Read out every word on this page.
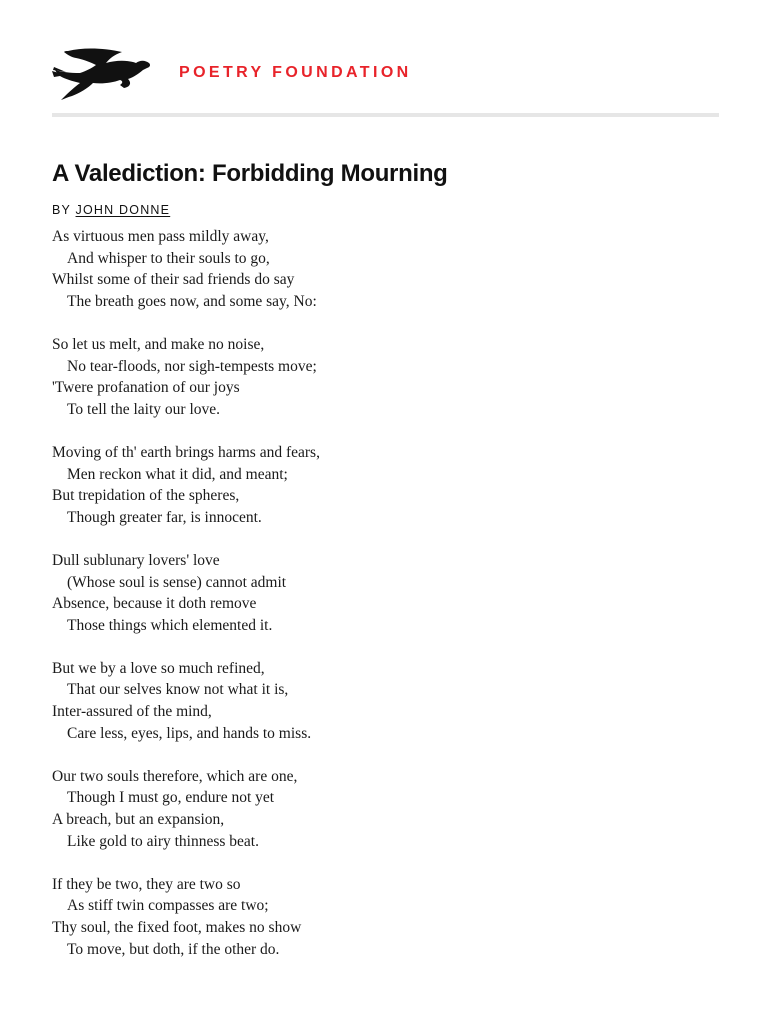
POETRY FOUNDATION
A Valediction: Forbidding Mourning
BY JOHN DONNE
As virtuous men pass mildly away,
And whisper to their souls to go,
Whilst some of their sad friends do say
The breath goes now, and some say, No:
So let us melt, and make no noise,
No tear-floods, nor sigh-tempests move;
'Twere profanation of our joys
To tell the laity our love.
Moving of th' earth brings harms and fears,
Men reckon what it did, and meant;
But trepidation of the spheres,
Though greater far, is innocent.
Dull sublunary lovers' love
(Whose soul is sense) cannot admit
Absence, because it doth remove
Those things which elemented it.
But we by a love so much refined,
That our selves know not what it is,
Inter-assured of the mind,
Care less, eyes, lips, and hands to miss.
Our two souls therefore, which are one,
Though I must go, endure not yet
A breach, but an expansion,
Like gold to airy thinness beat.
If they be two, they are two so
As stiff twin compasses are two;
Thy soul, the fixed foot, makes no show
To move, but doth, if the other do.
